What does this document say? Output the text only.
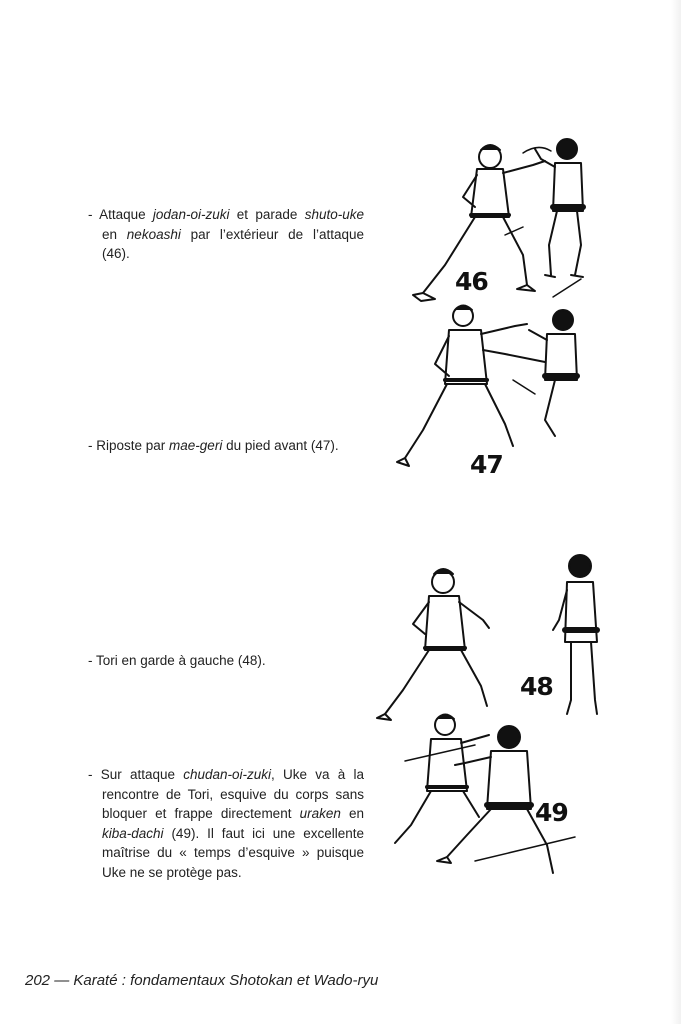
- Attaque jodan-oi-zuki et parade shuto-uke en nekoashi par l’extérieur de l’attaque (46).

- Riposte par mae-geri du pied avant (47).

- Tori en garde à gauche (48).

- Sur attaque chudan-oi-zuki, Uke va à la rencontre de Tori, esquive du corps sans bloquer et frappe directement uraken en kiba-dachi (49). Il faut ici une excellente maîtrise du « temps d’esquive » puisque Uke ne se protège pas.

46
47
48
49
202 — Karaté : fondamentaux Shotokan et Wado-ryu
